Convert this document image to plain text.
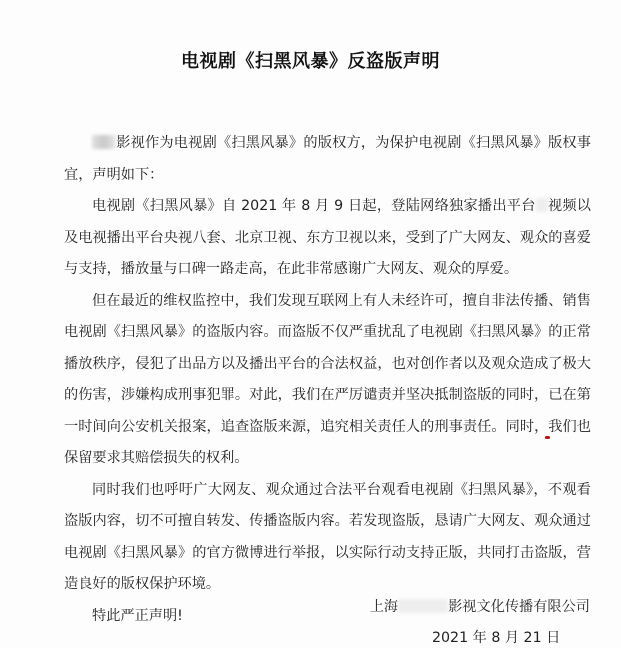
电视剧《扫黑风暴》反盗版声明

影视作为电视剧《扫黑风暴》的版权方，为保护电视剧《扫黑风暴》版权事宜，声明如下：

电视剧《扫黑风暴》自 2021 年 8 月 9 日起，登陆网络独家播出平台 视频以及电视播出平台央视八套、北京卫视、东方卫视以来，受到了广大网友、观众的喜爱与支持，播放量与口碑一路走高，在此非常感谢广大网友、观众的厚爱。

但在最近的维权监控中，我们发现互联网上有人未经许可，擅自非法传播、销售电视剧《扫黑风暴》的盗版内容。而盗版不仅严重扰乱了电视剧《扫黑风暴》的正常播放秩序，侵犯了出品方以及播出平台的合法权益，也对创作者以及观众造成了极大的伤害，涉嫌构成刑事犯罪。对此，我们在严厉谴责并坚决抵制盗版的同时，已在第一时间向公安机关报案，追查盗版来源，追究相关责任人的刑事责任。同时，我们也保留要求其赔偿损失的权利。

同时我们也呼吁广大网友、观众通过合法平台观看电视剧《扫黑风暴》，不观看盗版内容，切不可擅自转发、传播盗版内容。若发现盗版，恳请广大网友、观众通过电视剧《扫黑风暴》的官方微博进行举报，以实际行动支持正版，共同打击盗版，营造良好的版权保护环境。

特此严正声明!

上海	影视文化传播有限公司
2021 年 8 月 21 日
